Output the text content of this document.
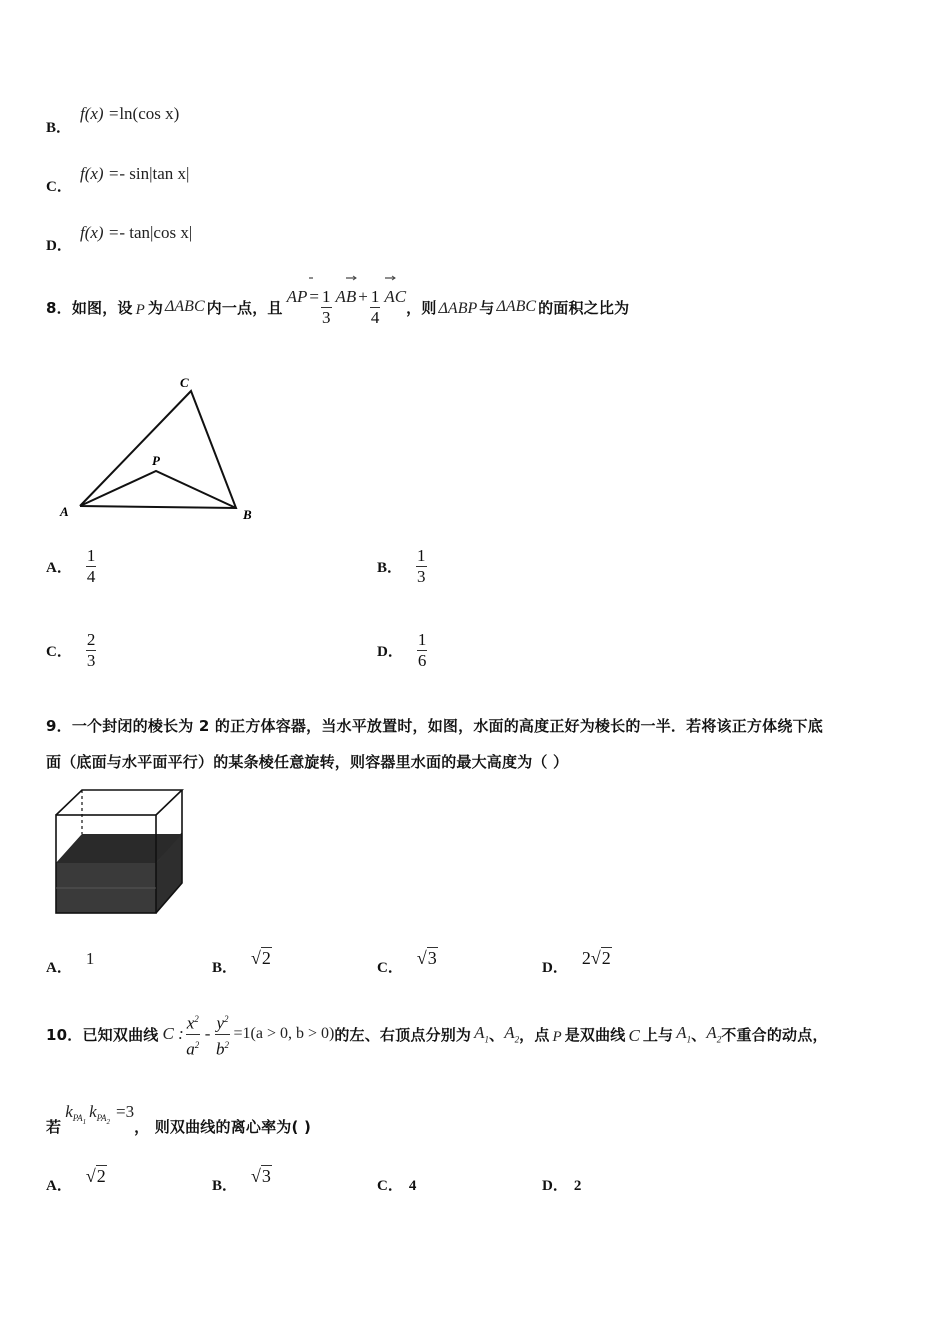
B．
f(x) =ln(cos x)
C．
f(x) =- sin|tan x|
D．
f(x) =- tan|cos x|
8．如图，设 P 为 ΔABC 内一点，且
AP = $\frac{1}{3}$ AB + $\frac{1}{4}$ AC
，则 ΔABP 与 ΔABC 的面积之比为
A	B
C
P
A． $\frac{1}{4}$	B． $\frac{1}{3}$
C． $\frac{2}{3}$	D． $\frac{1}{6}$
9．一个封闭的棱长为 2 的正方体容器，当水平放置时，如图，水面的高度正好为棱长的一半．若将该正方体绕下底
面（底面与水平面平行）的某条棱任意旋转，则容器里水面的最大高度为（ ）
A． 1	B． √2	C． √3	D． 2√2
10．已知双曲线 C : $\frac{x^2}{a^2} - \frac{y^2}{b^2} =1(a > 0$, b > 0) 的左、右顶点分别为 $A_1$ 、 $A_2$ ，点 P 是双曲线 C 上与 $A_1$ 、 $A_2$ 不重合的动点，
若
$k_{PA_1}$
$k_{PA_2}$
=3
， 则双曲线的离心率为( )
A． √2	B． √3	C． 4	D． 2
